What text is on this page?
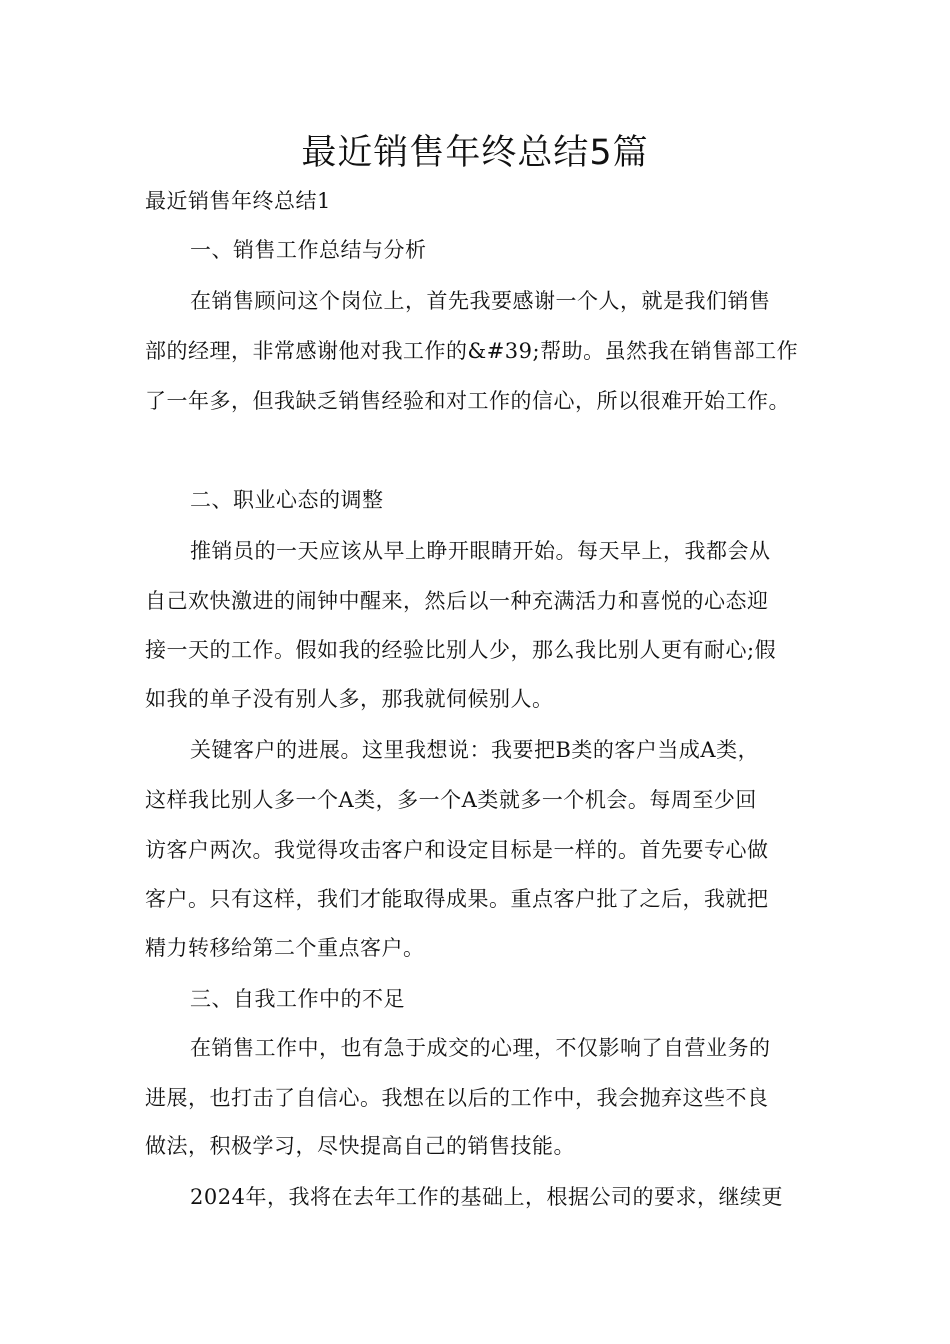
最近销售年终总结5篇
最近销售年终总结1
一、销售工作总结与分析
在销售顾问这个岗位上，首先我要感谢一个人，就是我们销售
部的经理，非常感谢他对我工作的&#39;帮助。虽然我在销售部工作
了一年多，但我缺乏销售经验和对工作的信心，所以很难开始工作。
二、职业心态的调整
推销员的一天应该从早上睁开眼睛开始。每天早上，我都会从
自己欢快激进的闹钟中醒来，然后以一种充满活力和喜悦的心态迎
接一天的工作。假如我的经验比别人少，那么我比别人更有耐心;假
如我的单子没有别人多，那我就伺候别人。
关键客户的进展。这里我想说：我要把B类的客户当成A类，
这样我比别人多一个A类，多一个A类就多一个机会。每周至少回
访客户两次。我觉得攻击客户和设定目标是一样的。首先要专心做
客户。只有这样，我们才能取得成果。重点客户批了之后，我就把
精力转移给第二个重点客户。
三、自我工作中的不足
在销售工作中，也有急于成交的心理，不仅影响了自营业务的
进展，也打击了自信心。我想在以后的工作中，我会抛弃这些不良
做法，积极学习，尽快提高自己的销售技能。
2024年，我将在去年工作的基础上，根据公司的要求，继续更
